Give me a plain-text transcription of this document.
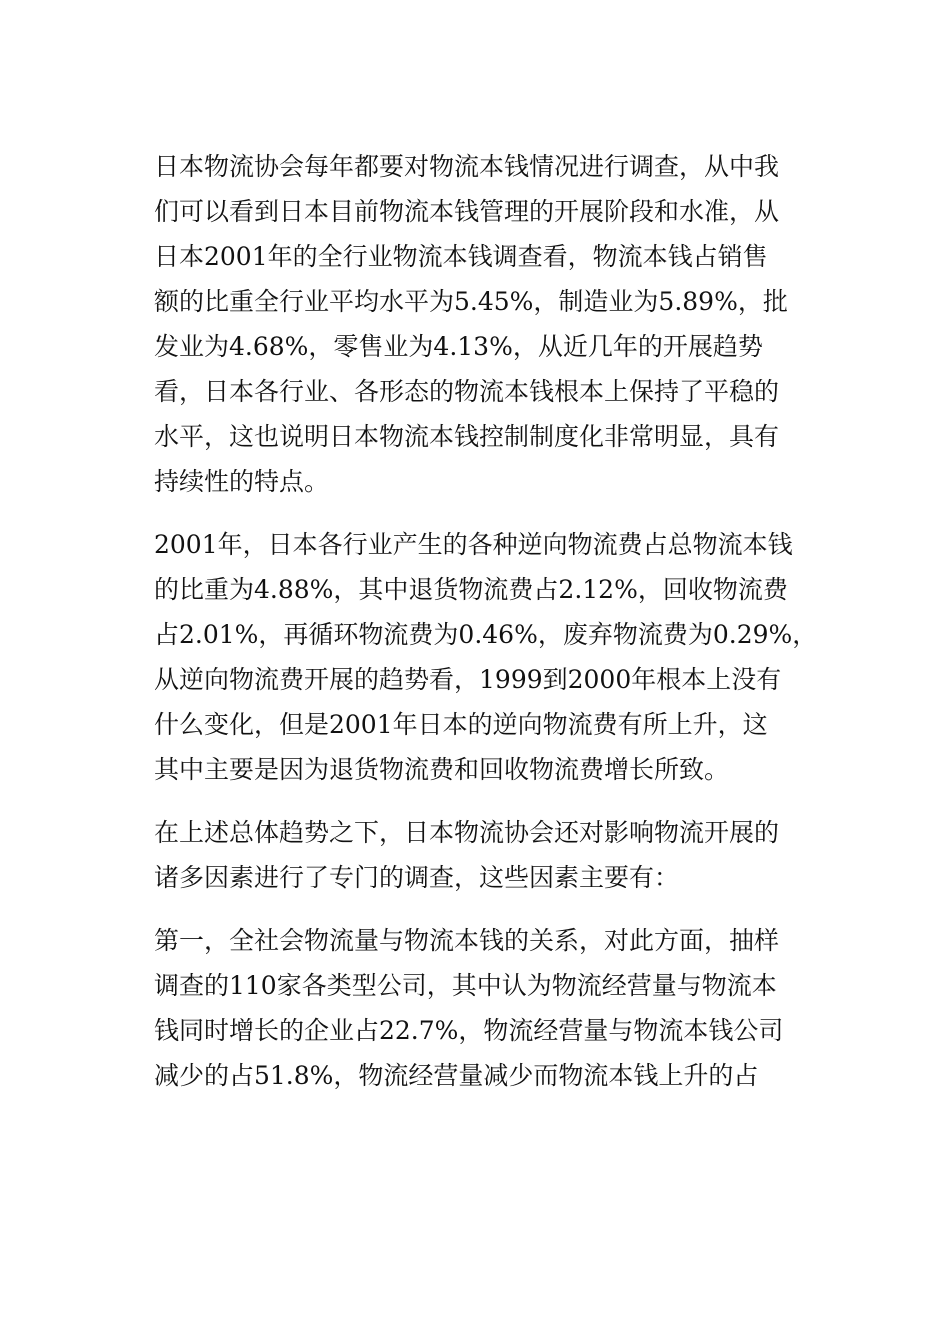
日本物流协会每年都要对物流本钱情况进行调查，从中我
们可以看到日本目前物流本钱管理的开展阶段和水准，从
日本2001年的全行业物流本钱调查看，物流本钱占销售
额的比重全行业平均水平为5.45%，制造业为5.89%，批
发业为4.68%，零售业为4.13%，从近几年的开展趋势
看，日本各行业、各形态的物流本钱根本上保持了平稳的
水平，这也说明日本物流本钱控制制度化非常明显，具有
持续性的特点。
2001年，日本各行业产生的各种逆向物流费占总物流本钱
的比重为4.88%，其中退货物流费占2.12%，回收物流费
占2.01%，再循环物流费为0.46%，废弃物流费为0.29%，
从逆向物流费开展的趋势看，1999到2000年根本上没有
什么变化，但是2001年日本的逆向物流费有所上升，这
其中主要是因为退货物流费和回收物流费增长所致。
在上述总体趋势之下，日本物流协会还对影响物流开展的
诸多因素进行了专门的调查，这些因素主要有：
第一，全社会物流量与物流本钱的关系，对此方面，抽样
调查的110家各类型公司，其中认为物流经营量与物流本
钱同时增长的企业占22.7%，物流经营量与物流本钱公司
减少的占51.8%，物流经营量减少而物流本钱上升的占
